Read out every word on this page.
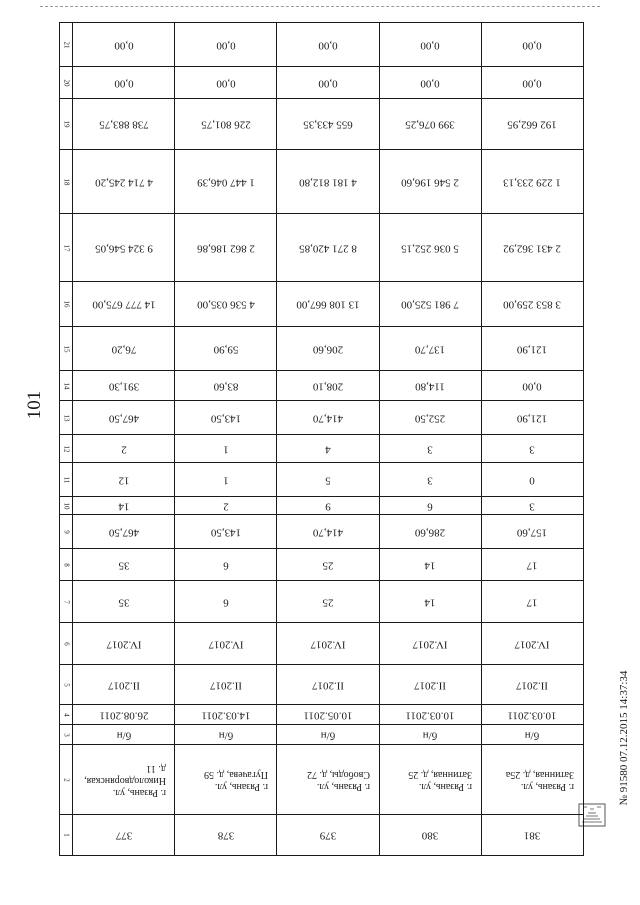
101
№ 91580 07.12.2015 14:37:34
21	0,00	0,00	0,00	0,00	0,00

20	0,00	0,00	0,00	0,00	0,00

19	738 883,75	226 801,75	655 433,35	399 076,25	192 662,95

18	4 714 245,20	1 447 046,39	4 181 812,80	2 546 196,60	1 229 233,13

17	9 324 546,05	2 862 186,86	8 271 420,85	5 036 252,15	2 431 362,92

16	14 777 675,00	4 536 035,00	13 108 667,00	7 981 525,00	3 853 259,00

15	76,20	59,90	206,60	137,70	121,90

14	391,30	83,60	208,10	114,80	0,00

13	467,50	143,50	414,70	252,50	121,90

12	2	1	4	3	3

11	12	1	5	3	0

10	14	2	9	6	3

9	467,50	143,50	414,70	286,60	157,60

8	35	6	25	14	17

7	35	6	25	14	17

6	IV.2017	IV.2017	IV.2017	IV.2017	IV.2017

5	II.2017	II.2017	II.2017	II.2017	II.2017

4	26.08.2011	14.03.2011	10.05.2011	10.03.2011	10.03.2011

3	б/н	б/н	б/н	б/н	б/н

2	г. Рязань, ул. Николодворянская, д. 11	г. Рязань, ул. Пугачева, д. 59	г. Рязань, ул. Свободы, д. 72	г. Рязань, ул. Затинная, д. 25	г. Рязань, ул. Затинная, д. 25а

1	377	378	379	380	381
